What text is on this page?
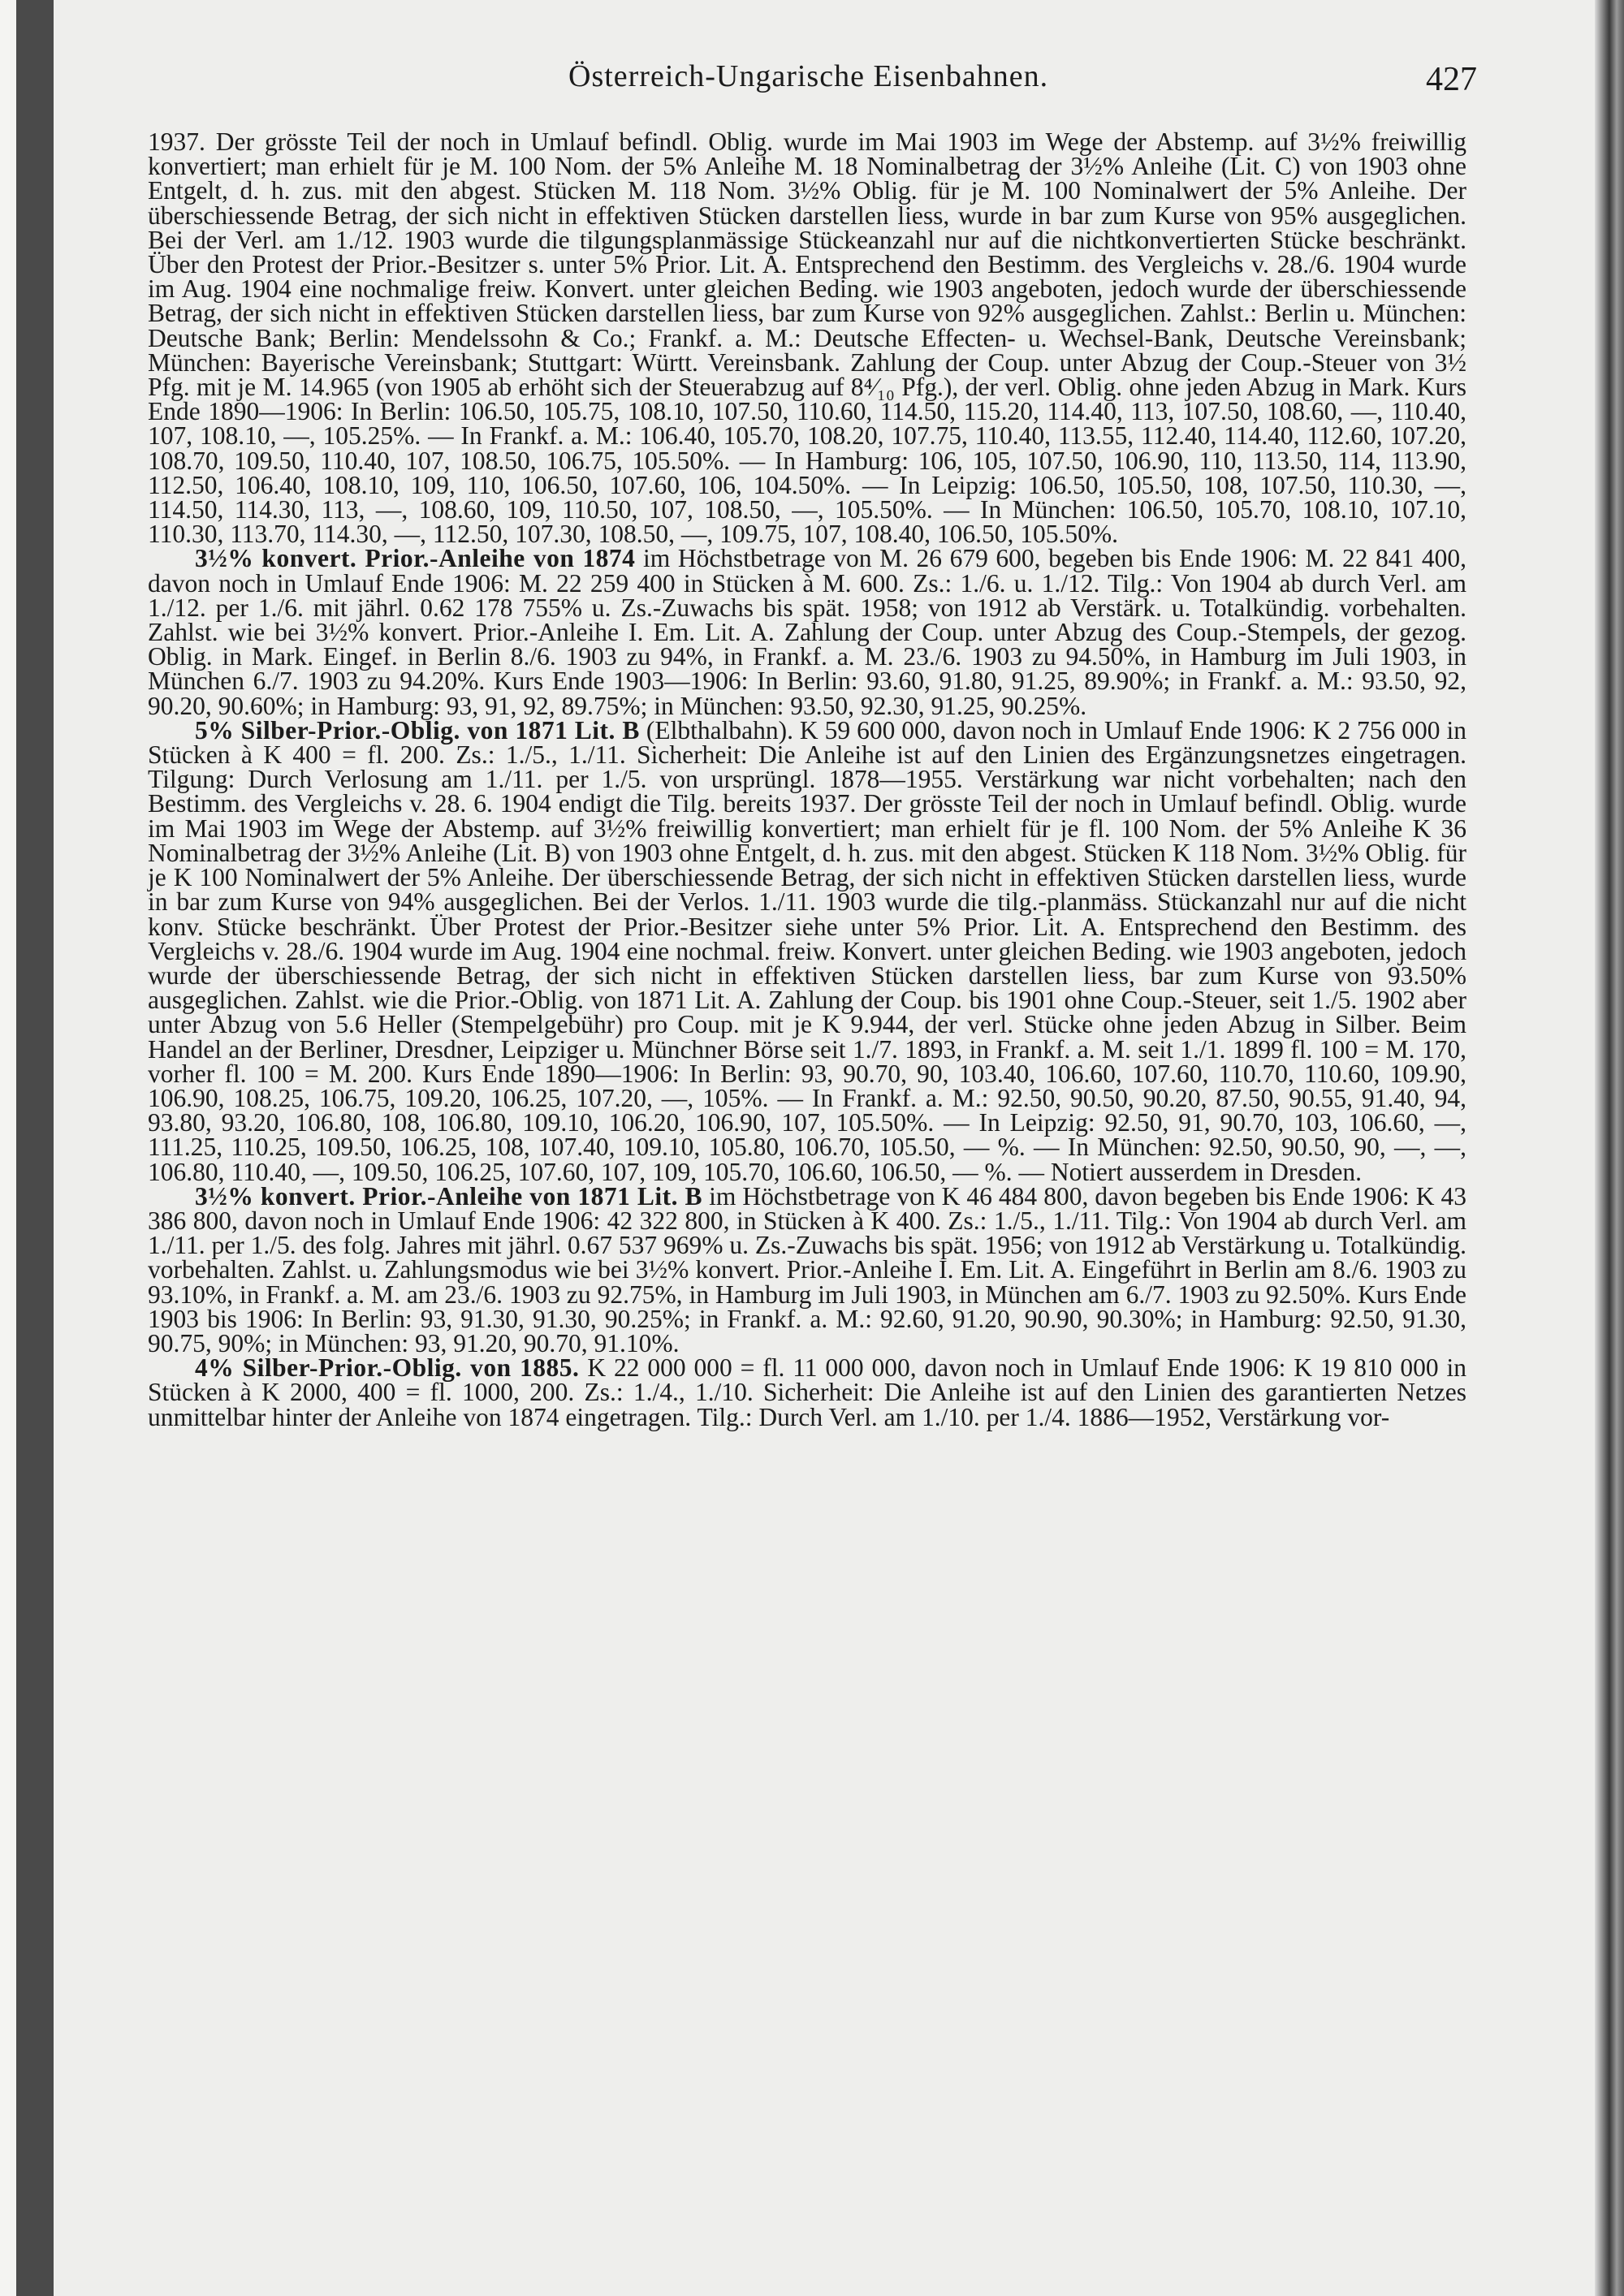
Österreich-Ungarische Eisenbahnen.	427

1937. Der grösste Teil der noch in Umlauf befindl. Oblig. wurde im Mai 1903 im Wege der Abstemp. auf 3½% freiwillig konvertiert; man erhielt für je M. 100 Nom. der 5% Anleihe M. 18 Nominalbetrag der 3½% Anleihe (Lit. C) von 1903 ohne Entgelt, d. h. zus. mit den abgest. Stücken M. 118 Nom. 3½% Oblig. für je M. 100 Nominalwert der 5% Anleihe. Der überschiessende Betrag, der sich nicht in effektiven Stücken darstellen liess, wurde in bar zum Kurse von 95% ausgeglichen. Bei der Verl. am 1./12. 1903 wurde die tilgungsplanmässige Stückeanzahl nur auf die nichtkonvertierten Stücke beschränkt. Über den Protest der Prior.-Besitzer s. unter 5% Prior. Lit. A. Entsprechend den Bestimm. des Vergleichs v. 28./6. 1904 wurde im Aug. 1904 eine nochmalige freiw. Konvert. unter gleichen Beding. wie 1903 angeboten, jedoch wurde der überschiessende Betrag, der sich nicht in effektiven Stücken darstellen liess, bar zum Kurse von 92% ausgeglichen. Zahlst.: Berlin u. München: Deutsche Bank; Berlin: Mendelssohn & Co.; Frankf. a. M.: Deutsche Effecten- u. Wechsel-Bank, Deutsche Vereinsbank; München: Bayerische Vereinsbank; Stuttgart: Württ. Vereinsbank. Zahlung der Coup. unter Abzug der Coup.-Steuer von 3½ Pfg. mit je M. 14.965 (von 1905 ab erhöht sich der Steuerabzug auf 8⁴⁄₁₀ Pfg.), der verl. Oblig. ohne jeden Abzug in Mark. Kurs Ende 1890—1906: In Berlin: 106.50, 105.75, 108.10, 107.50, 110.60, 114.50, 115.20, 114.40, 113, 107.50, 108.60, —, 110.40, 107, 108.10, —, 105.25%. — In Frankf. a. M.: 106.40, 105.70, 108.20, 107.75, 110.40, 113.55, 112.40, 114.40, 112.60, 107.20, 108.70, 109.50, 110.40, 107, 108.50, 106.75, 105.50%. — In Hamburg: 106, 105, 107.50, 106.90, 110, 113.50, 114, 113.90, 112.50, 106.40, 108.10, 109, 110, 106.50, 107.60, 106, 104.50%. — In Leipzig: 106.50, 105.50, 108, 107.50, 110.30, —, 114.50, 114.30, 113, —, 108.60, 109, 110.50, 107, 108.50, —, 105.50%. — In München: 106.50, 105.70, 108.10, 107.10, 110.30, 113.70, 114.30, —, 112.50, 107.30, 108.50, —, 109.75, 107, 108.40, 106.50, 105.50%.

3½% konvert. Prior.-Anleihe von 1874 im Höchstbetrage von M. 26 679 600, begeben bis Ende 1906: M. 22 841 400, davon noch in Umlauf Ende 1906: M. 22 259 400 in Stücken à M. 600. Zs.: 1./6. u. 1./12. Tilg.: Von 1904 ab durch Verl. am 1./12. per 1./6. mit jährl. 0.62 178 755% u. Zs.-Zuwachs bis spät. 1958; von 1912 ab Verstärk. u. Totalkündig. vorbehalten. Zahlst. wie bei 3½% konvert. Prior.-Anleihe I. Em. Lit. A. Zahlung der Coup. unter Abzug des Coup.-Stempels, der gezog. Oblig. in Mark. Eingef. in Berlin 8./6. 1903 zu 94%, in Frankf. a. M. 23./6. 1903 zu 94.50%, in Hamburg im Juli 1903, in München 6./7. 1903 zu 94.20%. Kurs Ende 1903—1906: In Berlin: 93.60, 91.80, 91.25, 89.90%; in Frankf. a. M.: 93.50, 92, 90.20, 90.60%; in Hamburg: 93, 91, 92, 89.75%; in München: 93.50, 92.30, 91.25, 90.25%.

5% Silber-Prior.-Oblig. von 1871 Lit. B (Elbthalbahn). K 59 600 000, davon noch in Umlauf Ende 1906: K 2 756 000 in Stücken à K 400 = fl. 200. Zs.: 1./5., 1./11. Sicherheit: Die Anleihe ist auf den Linien des Ergänzungsnetzes eingetragen. Tilgung: Durch Verlosung am 1./11. per 1./5. von ursprüngl. 1878—1955. Verstärkung war nicht vorbehalten; nach den Bestimm. des Vergleichs v. 28. 6. 1904 endigt die Tilg. bereits 1937. Der grösste Teil der noch in Umlauf befindl. Oblig. wurde im Mai 1903 im Wege der Abstemp. auf 3½% freiwillig konvertiert; man erhielt für je fl. 100 Nom. der 5% Anleihe K 36 Nominalbetrag der 3½% Anleihe (Lit. B) von 1903 ohne Entgelt, d. h. zus. mit den abgest. Stücken K 118 Nom. 3½% Oblig. für je K 100 Nominalwert der 5% Anleihe. Der überschiessende Betrag, der sich nicht in effektiven Stücken darstellen liess, wurde in bar zum Kurse von 94% ausgeglichen. Bei der Verlos. 1./11. 1903 wurde die tilg.-planmäss. Stückanzahl nur auf die nicht konv. Stücke beschränkt. Über Protest der Prior.-Besitzer siehe unter 5% Prior. Lit. A. Entsprechend den Bestimm. des Vergleichs v. 28./6. 1904 wurde im Aug. 1904 eine nochmal. freiw. Konvert. unter gleichen Beding. wie 1903 angeboten, jedoch wurde der überschiessende Betrag, der sich nicht in effektiven Stücken darstellen liess, bar zum Kurse von 93.50% ausgeglichen. Zahlst. wie die Prior.-Oblig. von 1871 Lit. A. Zahlung der Coup. bis 1901 ohne Coup.-Steuer, seit 1./5. 1902 aber unter Abzug von 5.6 Heller (Stempelgebühr) pro Coup. mit je K 9.944, der verl. Stücke ohne jeden Abzug in Silber. Beim Handel an der Berliner, Dresdner, Leipziger u. Münchner Börse seit 1./7. 1893, in Frankf. a. M. seit 1./1. 1899 fl. 100 = M. 170, vorher fl. 100 = M. 200. Kurs Ende 1890—1906: In Berlin: 93, 90.70, 90, 103.40, 106.60, 107.60, 110.70, 110.60, 109.90, 106.90, 108.25, 106.75, 109.20, 106.25, 107.20, —, 105%. — In Frankf. a. M.: 92.50, 90.50, 90.20, 87.50, 90.55, 91.40, 94, 93.80, 93.20, 106.80, 108, 106.80, 109.10, 106.20, 106.90, 107, 105.50%. — In Leipzig: 92.50, 91, 90.70, 103, 106.60, —, 111.25, 110.25, 109.50, 106.25, 108, 107.40, 109.10, 105.80, 106.70, 105.50, — %. — In München: 92.50, 90.50, 90, —, —, 106.80, 110.40, —, 109.50, 106.25, 107.60, 107, 109, 105.70, 106.60, 106.50, — %. — Notiert ausserdem in Dresden.

3½% konvert. Prior.-Anleihe von 1871 Lit. B im Höchstbetrage von K 46 484 800, davon begeben bis Ende 1906: K 43 386 800, davon noch in Umlauf Ende 1906: 42 322 800, in Stücken à K 400. Zs.: 1./5., 1./11. Tilg.: Von 1904 ab durch Verl. am 1./11. per 1./5. des folg. Jahres mit jährl. 0.67 537 969% u. Zs.-Zuwachs bis spät. 1956; von 1912 ab Verstärkung u. Totalkündig. vorbehalten. Zahlst. u. Zahlungsmodus wie bei 3½% konvert. Prior.-Anleihe I. Em. Lit. A. Eingeführt in Berlin am 8./6. 1903 zu 93.10%, in Frankf. a. M. am 23./6. 1903 zu 92.75%, in Hamburg im Juli 1903, in München am 6./7. 1903 zu 92.50%. Kurs Ende 1903 bis 1906: In Berlin: 93, 91.30, 91.30, 90.25%; in Frankf. a. M.: 92.60, 91.20, 90.90, 90.30%; in Hamburg: 92.50, 91.30, 90.75, 90%; in München: 93, 91.20, 90.70, 91.10%.

4% Silber-Prior.-Oblig. von 1885. K 22 000 000 = fl. 11 000 000, davon noch in Umlauf Ende 1906: K 19 810 000 in Stücken à K 2000, 400 = fl. 1000, 200. Zs.: 1./4., 1./10. Sicherheit: Die Anleihe ist auf den Linien des garantierten Netzes unmittelbar hinter der Anleihe von 1874 eingetragen. Tilg.: Durch Verl. am 1./10. per 1./4. 1886—1952, Verstärkung vor-
